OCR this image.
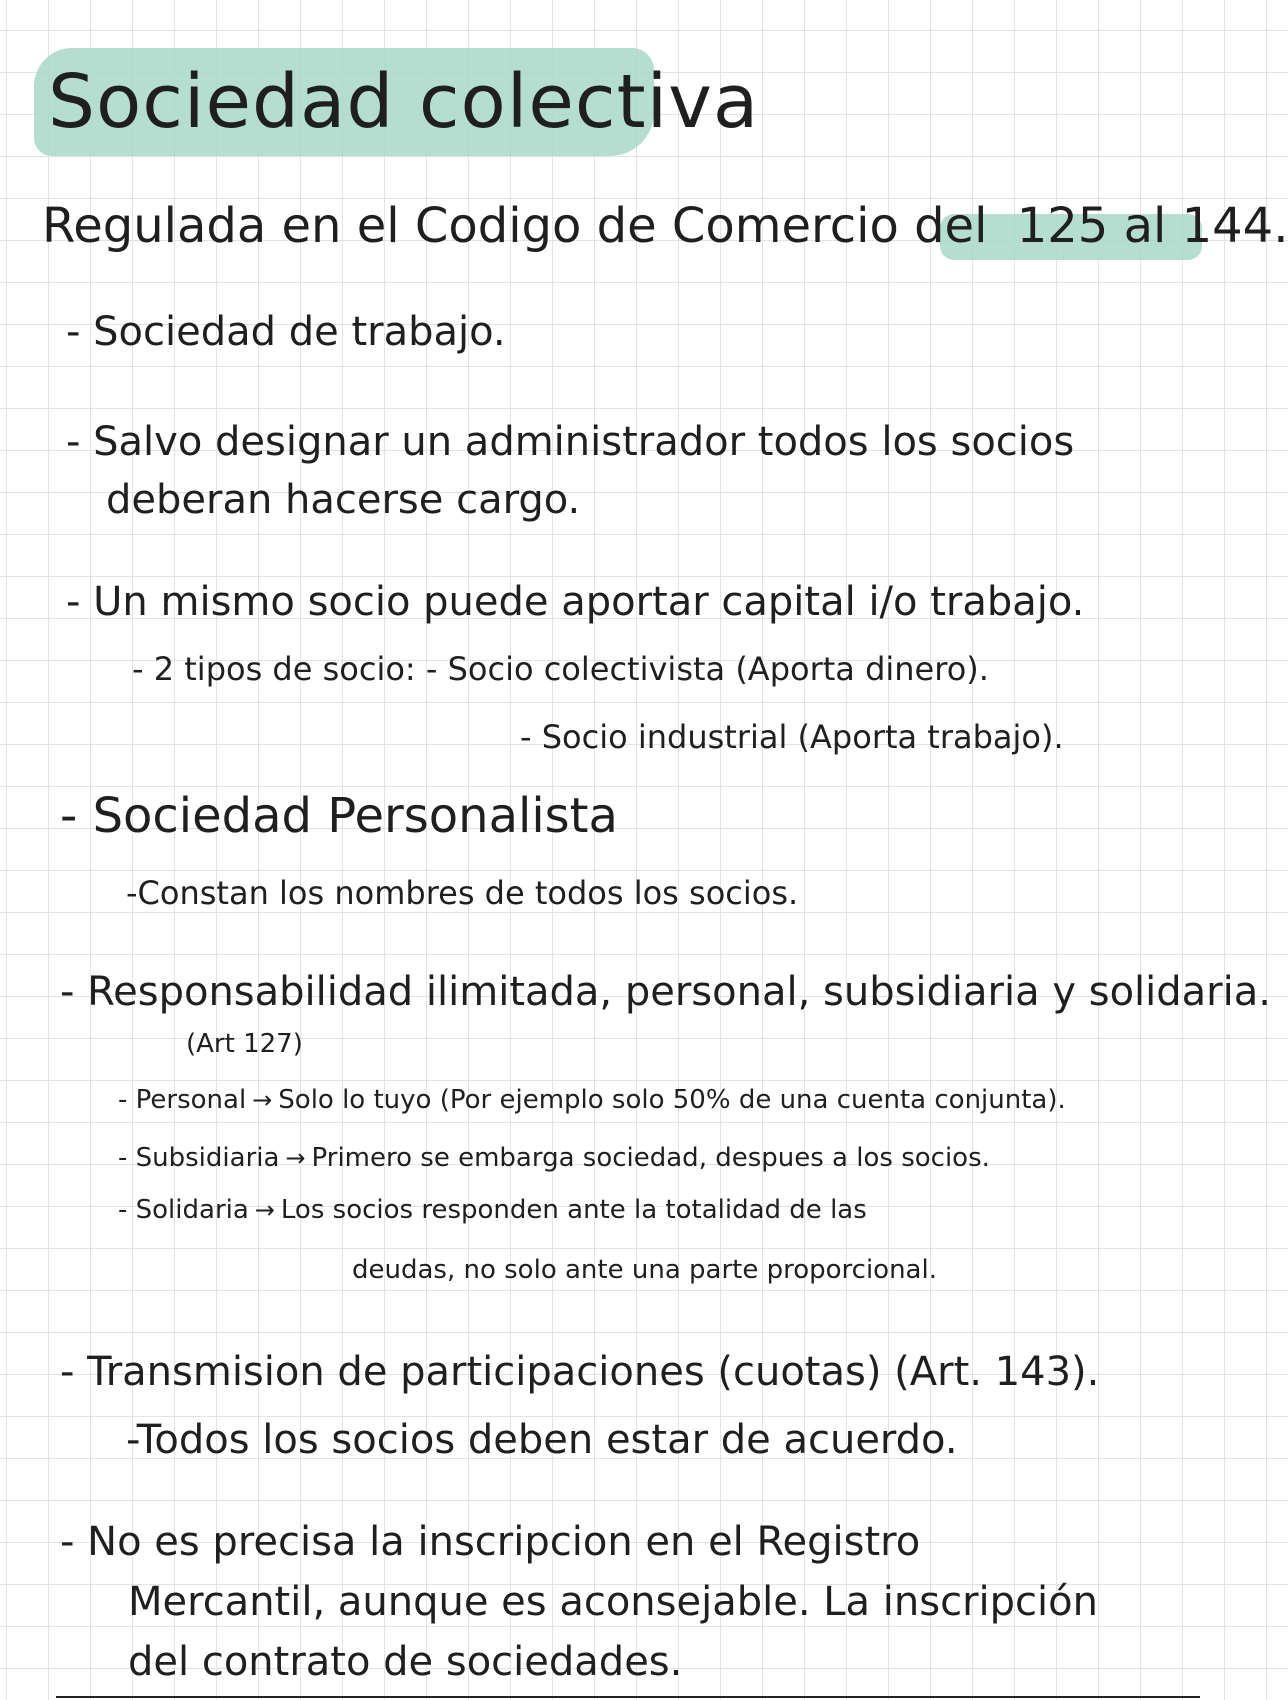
Sociedad colectiva
Regulada en el Codigo de Comercio del 125 al 144.
- Sociedad de trabajo.
- Salvo designar un administrador todos los socios
deberan hacerse cargo.
- Un mismo socio puede aportar capital i/o trabajo.
- 2 tipos de socio: - Socio colectivista (Aporta dinero).
- Socio industrial (Aporta trabajo).
- Sociedad Personalista
-Constan los nombres de todos los socios.
- Responsabilidad ilimitada, personal, subsidiaria y solidaria.
(Art 127)
- Personal → Solo lo tuyo (Por ejemplo solo 50% de una cuenta conjunta).
- Subsidiaria → Primero se embarga sociedad, despues a los socios.
- Solidaria → Los socios responden ante la totalidad de las
deudas, no solo ante una parte proporcional.
- Transmision de participaciones (cuotas) (Art. 143).
-Todos los socios deben estar de acuerdo.
- No es precisa la inscripcion en el Registro
Mercantil, aunque es aconsejable. La inscripción
del contrato de sociedades.
